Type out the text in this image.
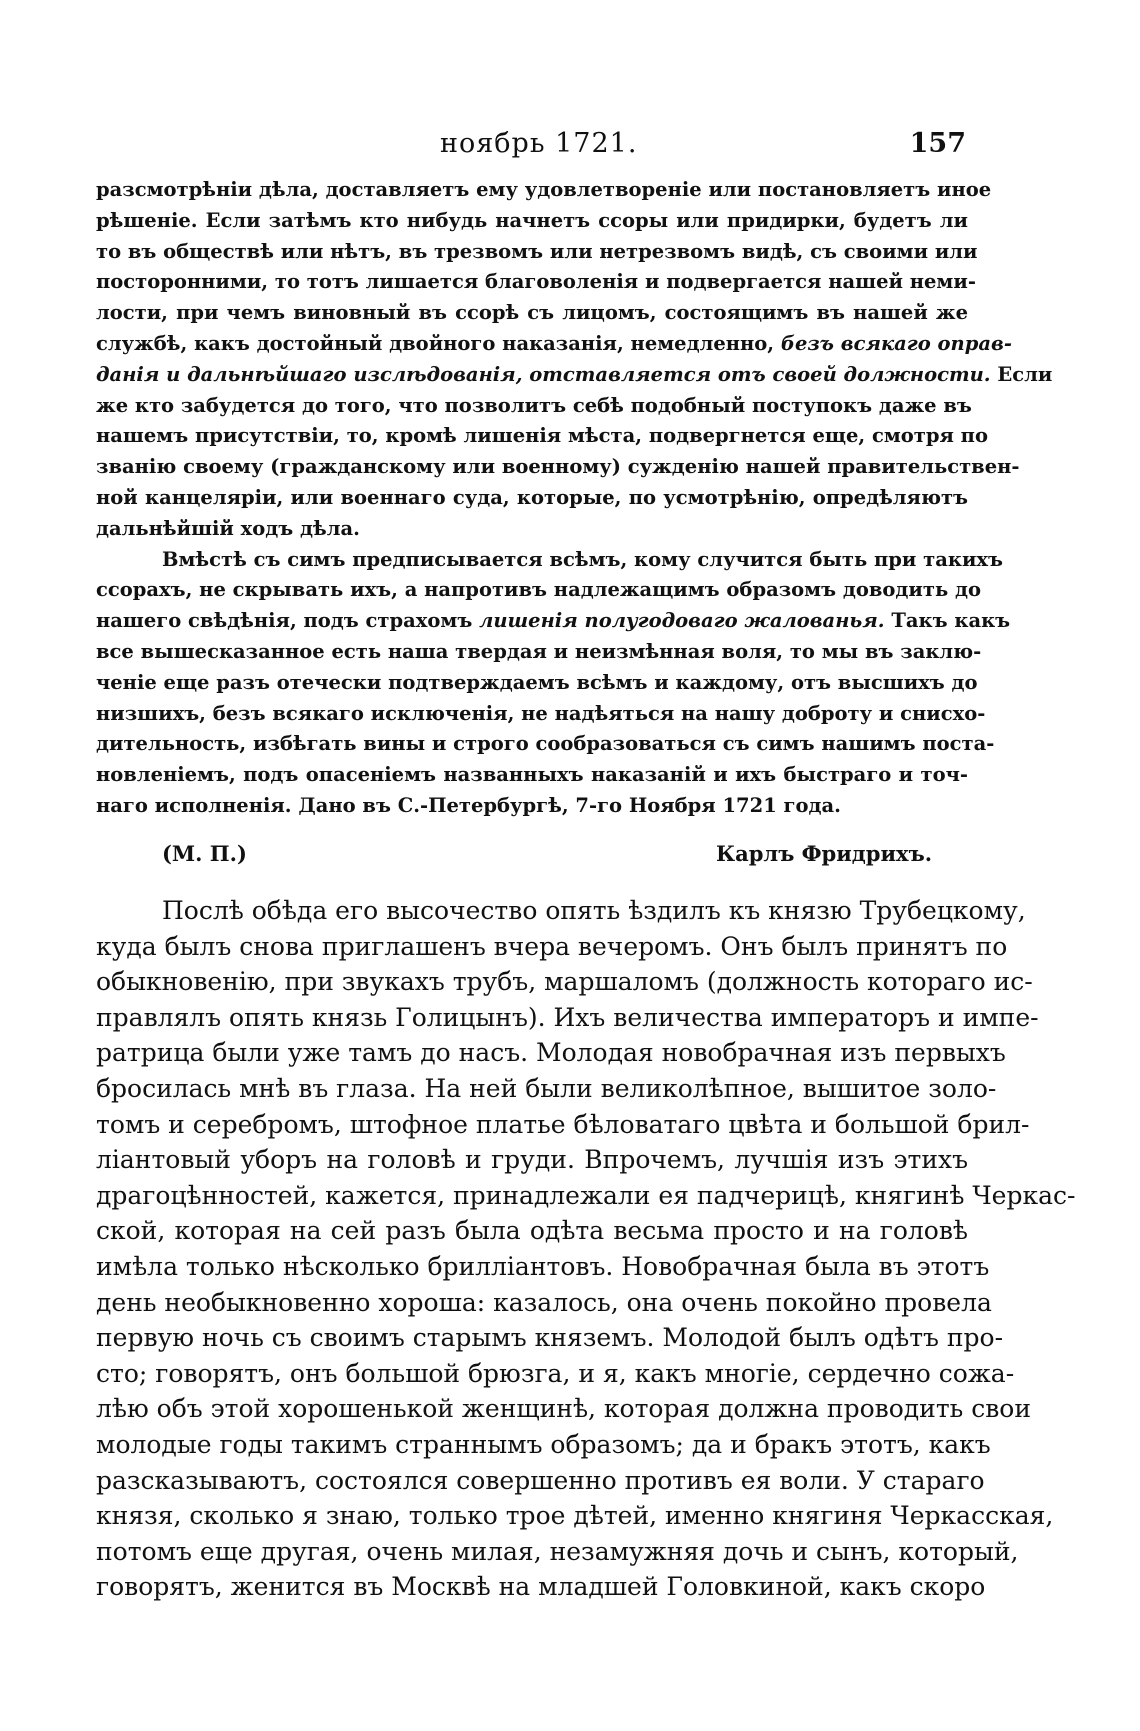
ноябрь 1721.	157
разсмотрѣніи дѣла, доставляетъ ему удовлетвореніе или постановляетъ иное
рѣшеніе. Если затѣмъ кто нибудь начнетъ ссоры или придирки, будетъ ли
то въ обществѣ или нѣтъ, въ трезвомъ или нетрезвомъ видѣ, съ своими или
посторонними, то тотъ лишается благоволенія и подвергается нашей неми-
лости, при чемъ виновный въ ссорѣ съ лицомъ, состоящимъ въ нашей же
службѣ, какъ достойный двойного наказанія, немедленно, безъ всякаго оправ-
данія и дальнѣйшаго изслѣдованія, отставляется отъ своей должности. Если
же кто забудется до того, что позволитъ себѣ подобный поступокъ даже въ
нашемъ присутствіи, то, кромѣ лишенія мѣста, подвергнется еще, смотря по
званію своему (гражданскому или военному) сужденію нашей правительствен-
ной канцеляріи, или военнаго суда, которые, по усмотрѣнію, опредѣляютъ
дальнѣйшій ходъ дѣла.
Вмѣстѣ съ симъ предписывается всѣмъ, кому случится быть при такихъ
ссорахъ, не скрывать ихъ, а напротивъ надлежащимъ образомъ доводить до
нашего свѣдѣнія, подъ страхомъ лишенія полугодоваго жалованья. Такъ какъ
все вышесказанное есть наша твердая и неизмѣнная воля, то мы въ заклю-
ченіе еще разъ отечески подтверждаемъ всѣмъ и каждому, отъ высшихъ до
низшихъ, безъ всякаго исключенія, не надѣяться на нашу доброту и снисхо-
дительность, избѣгать вины и строго сообразоваться съ симъ нашимъ поста-
новленіемъ, подъ опасеніемъ названныхъ наказаній и ихъ быстраго и точ-
наго исполненія. Дано въ С.-Петербургѣ, 7-го Ноября 1721 года.
(М. П.)	Карлъ Фридрихъ.
Послѣ обѣда его высочество опять ѣздилъ къ князю Трубецкому,
куда былъ снова приглашенъ вчера вечеромъ. Онъ былъ принятъ по
обыкновенію, при звукахъ трубъ, маршаломъ (должность котораго ис-
правлялъ опять князь Голицынъ). Ихъ величества императоръ и импе-
ратрица были уже тамъ до насъ. Молодая новобрачная изъ первыхъ
бросилась мнѣ въ глаза. На ней были великолѣпное, вышитое золо-
томъ и серебромъ, штофное платье бѣловатаго цвѣта и большой брил-
ліантовый уборъ на головѣ и груди. Впрочемъ, лучшія изъ этихъ
драгоцѣнностей, кажется, принадлежали ея падчерицѣ, княгинѣ Черкас-
ской, которая на сей разъ была одѣта весьма просто и на головѣ
имѣла только нѣсколько бриллiантовъ. Новобрачная была въ этотъ
день необыкновенно хороша: казалось, она очень покойно провела
первую ночь съ своимъ старымъ княземъ. Молодой былъ одѣтъ про-
сто; говорятъ, онъ большой брюзга, и я, какъ многіе, сердечно сожа-
лѣю объ этой хорошенькой женщинѣ, которая должна проводить свои
молодые годы такимъ страннымъ образомъ; да и бракъ этотъ, какъ
разсказываютъ, состоялся совершенно противъ ея воли. У стараго
князя, сколько я знаю, только трое дѣтей, именно княгиня Черкасская,
потомъ еще другая, очень милая, незамужняя дочь и сынъ, который,
говорятъ, женится въ Москвѣ на младшей Головкиной, какъ скоро
